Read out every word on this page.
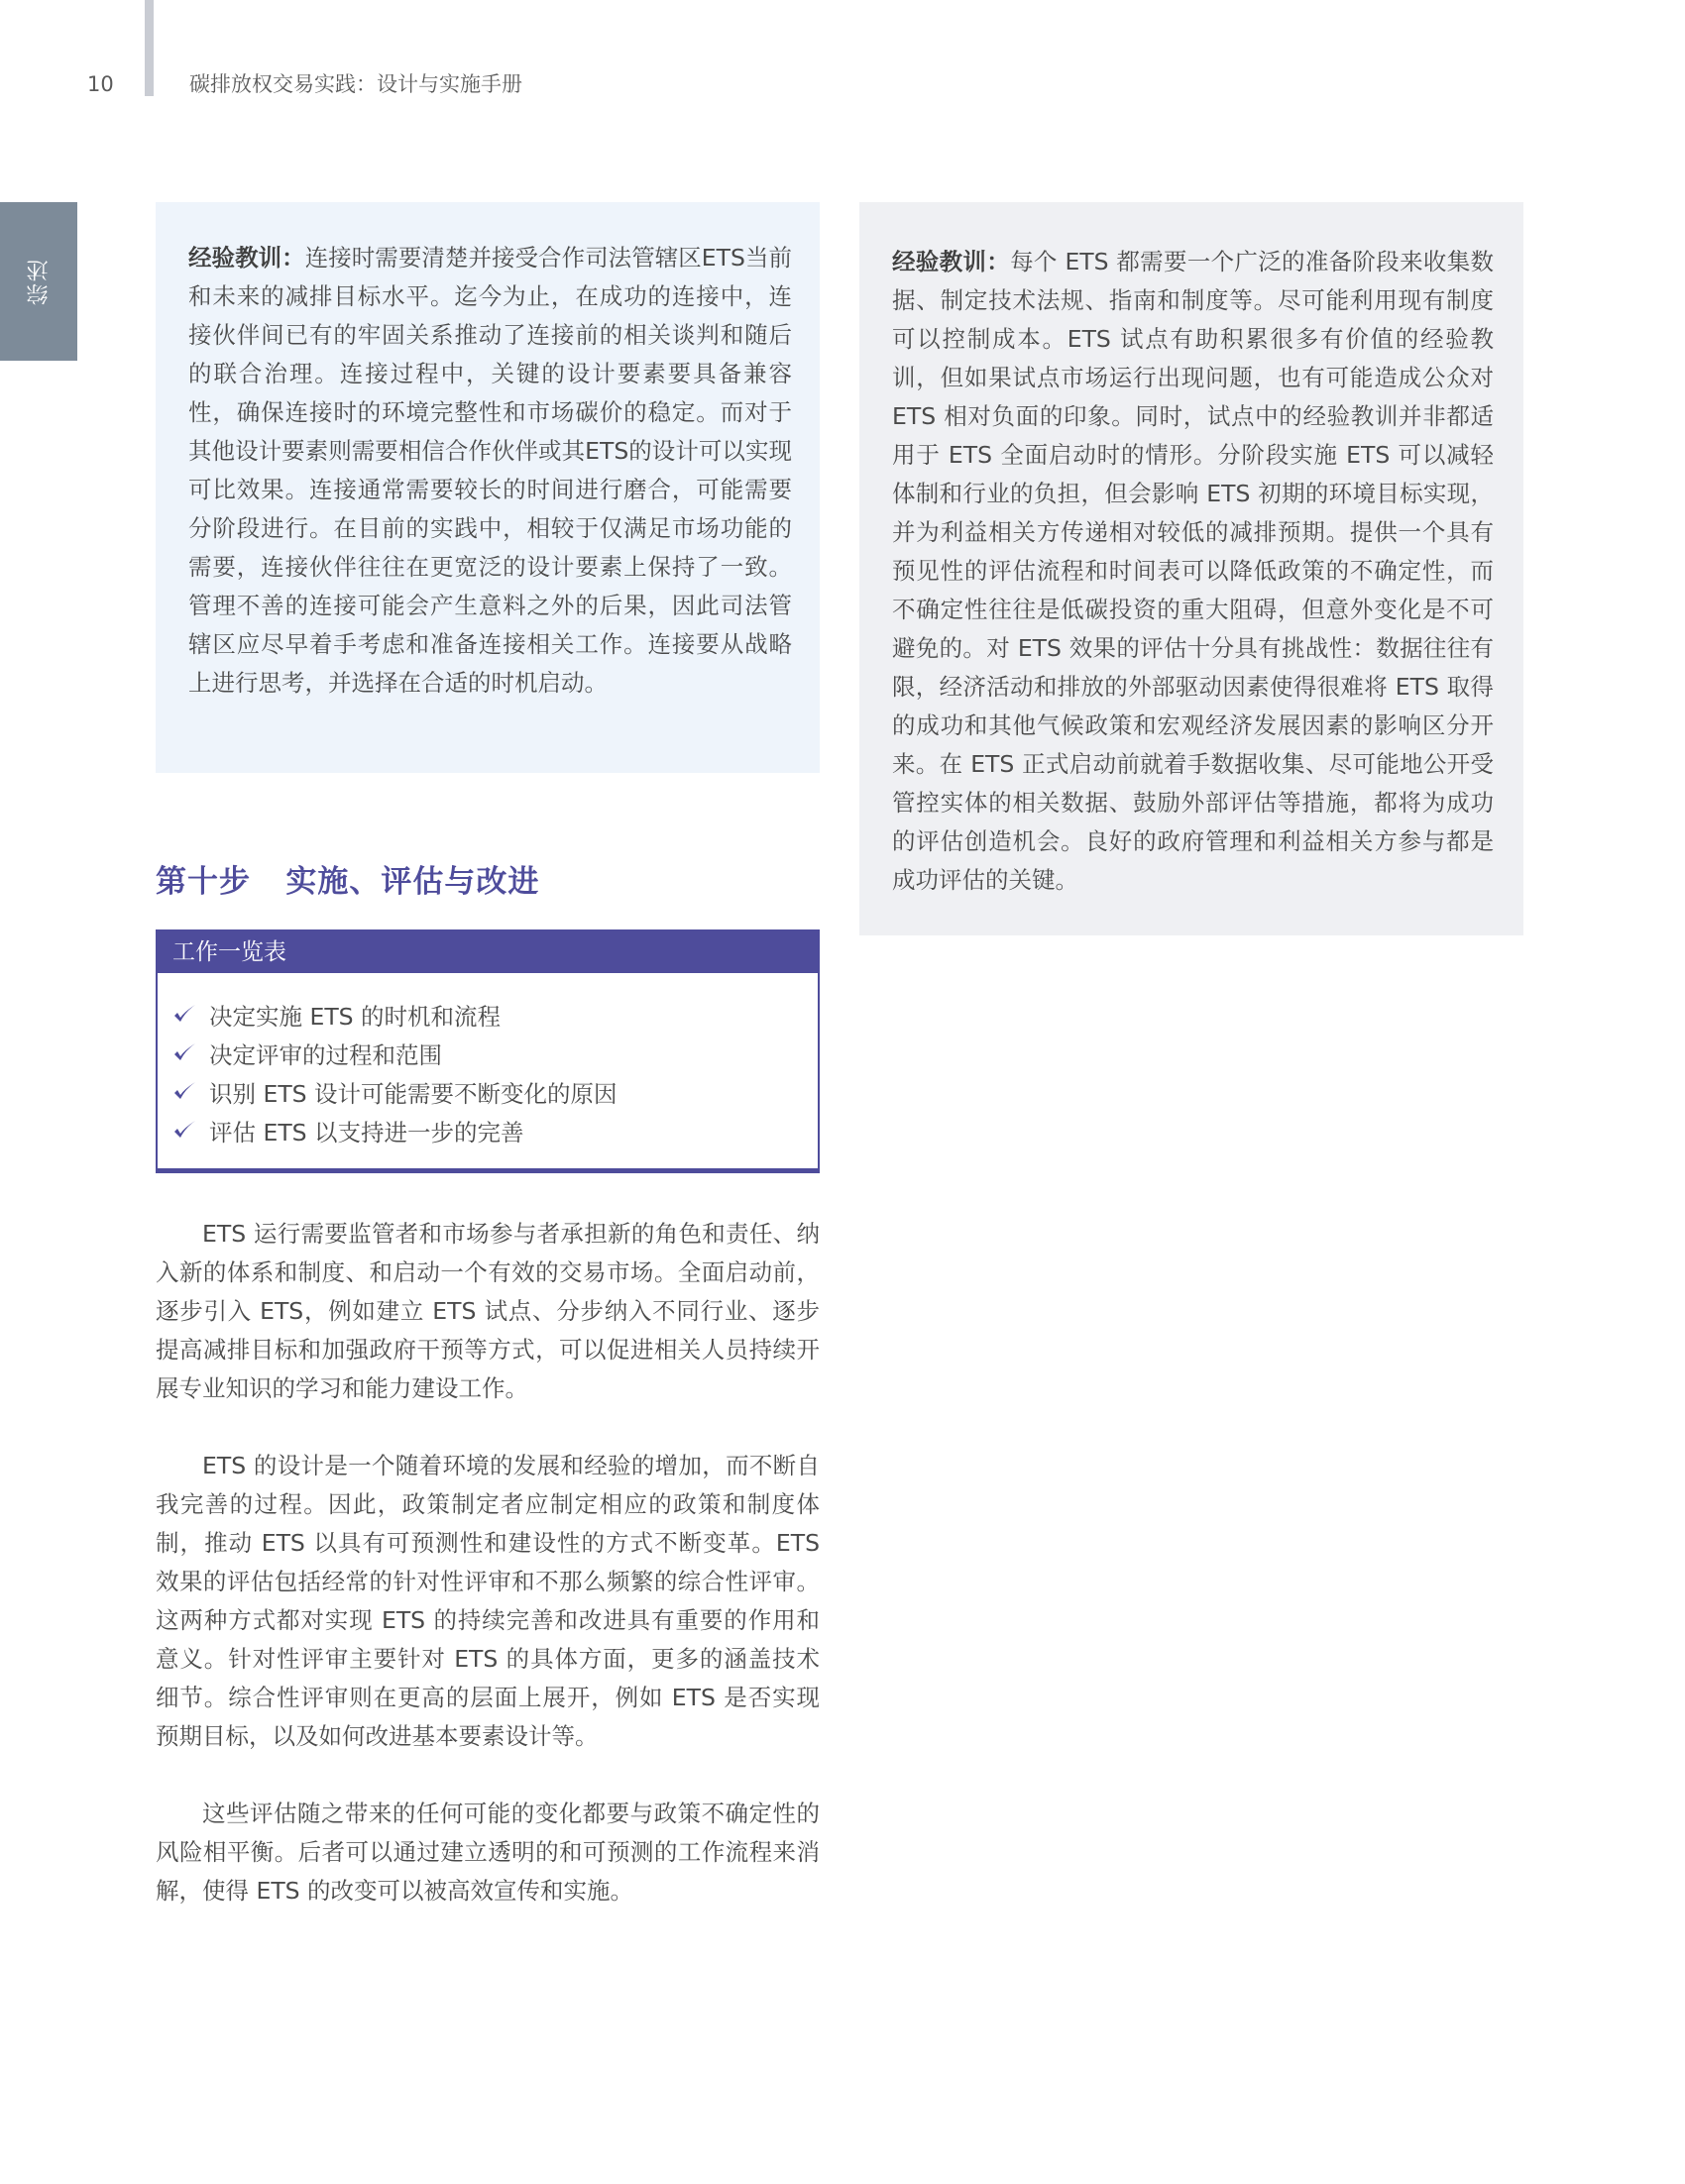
10	碳排放权交易实践：设计与实施手册
综述	经验教训：连接时需要清楚并接受合作司法管辖区ETS当前和未来的减排目标水平。迄今为止，在成功的连接中，连接伙伴间已有的牢固关系推动了连接前的相关谈判和随后的联合治理。连接过程中，关键的设计要素要具备兼容性，确保连接时的环境完整性和市场碳价的稳定。而对于其他设计要素则需要相信合作伙伴或其ETS的设计可以实现可比效果。连接通常需要较长的时间进行磨合，可能需要分阶段进行。在目前的实践中，相较于仅满足市场功能的需要，连接伙伴往往在更宽泛的设计要素上保持了一致。管理不善的连接可能会产生意料之外的后果，因此司法管辖区应尽早着手考虑和准备连接相关工作。连接要从战略上进行思考，并选择在合适的时机启动。
经验教训：每个 ETS 都需要一个广泛的准备阶段来收集数据、制定技术法规、指南和制度等。尽可能利用现有制度可以控制成本。ETS 试点有助积累很多有价值的经验教训，但如果试点市场运行出现问题，也有可能造成公众对 ETS 相对负面的印象。同时，试点中的经验教训并非都适用于 ETS 全面启动时的情形。分阶段实施 ETS 可以减轻体制和行业的负担，但会影响 ETS 初期的环境目标实现，并为利益相关方传递相对较低的减排预期。提供一个具有预见性的评估流程和时间表可以降低政策的不确定性，而不确定性往往是低碳投资的重大阻碍，但意外变化是不可避免的。对 ETS 效果的评估十分具有挑战性：数据往往有限，经济活动和排放的外部驱动因素使得很难将 ETS 取得的成功和其他气候政策和宏观经济发展因素的影响区分开来。在 ETS 正式启动前就着手数据收集、尽可能地公开受管控实体的相关数据、鼓励外部评估等措施，都将为成功的评估创造机会。良好的政府管理和利益相关方参与都是成功评估的关键。
第十步   实施、评估与改进
工作一览表
决定实施 ETS 的时机和流程
决定评审的过程和范围
识别 ETS 设计可能需要不断变化的原因
评估 ETS 以支持进一步的完善

ETS 运行需要监管者和市场参与者承担新的角色和责任、纳入新的体系和制度、和启动一个有效的交易市场。全面启动前，逐步引入 ETS，例如建立 ETS 试点、分步纳入不同行业、逐步提高减排目标和加强政府干预等方式，可以促进相关人员持续开展专业知识的学习和能力建设工作。

ETS 的设计是一个随着环境的发展和经验的增加，而不断自我完善的过程。因此，政策制定者应制定相应的政策和制度体制，推动 ETS 以具有可预测性和建设性的方式不断变革。ETS 效果的评估包括经常的针对性评审和不那么频繁的综合性评审。这两种方式都对实现 ETS 的持续完善和改进具有重要的作用和意义。针对性评审主要针对 ETS 的具体方面，更多的涵盖技术细节。综合性评审则在更高的层面上展开，例如 ETS 是否实现预期目标，以及如何改进基本要素设计等。

这些评估随之带来的任何可能的变化都要与政策不确定性的风险相平衡。后者可以通过建立透明的和可预测的工作流程来消解，使得 ETS 的改变可以被高效宣传和实施。
